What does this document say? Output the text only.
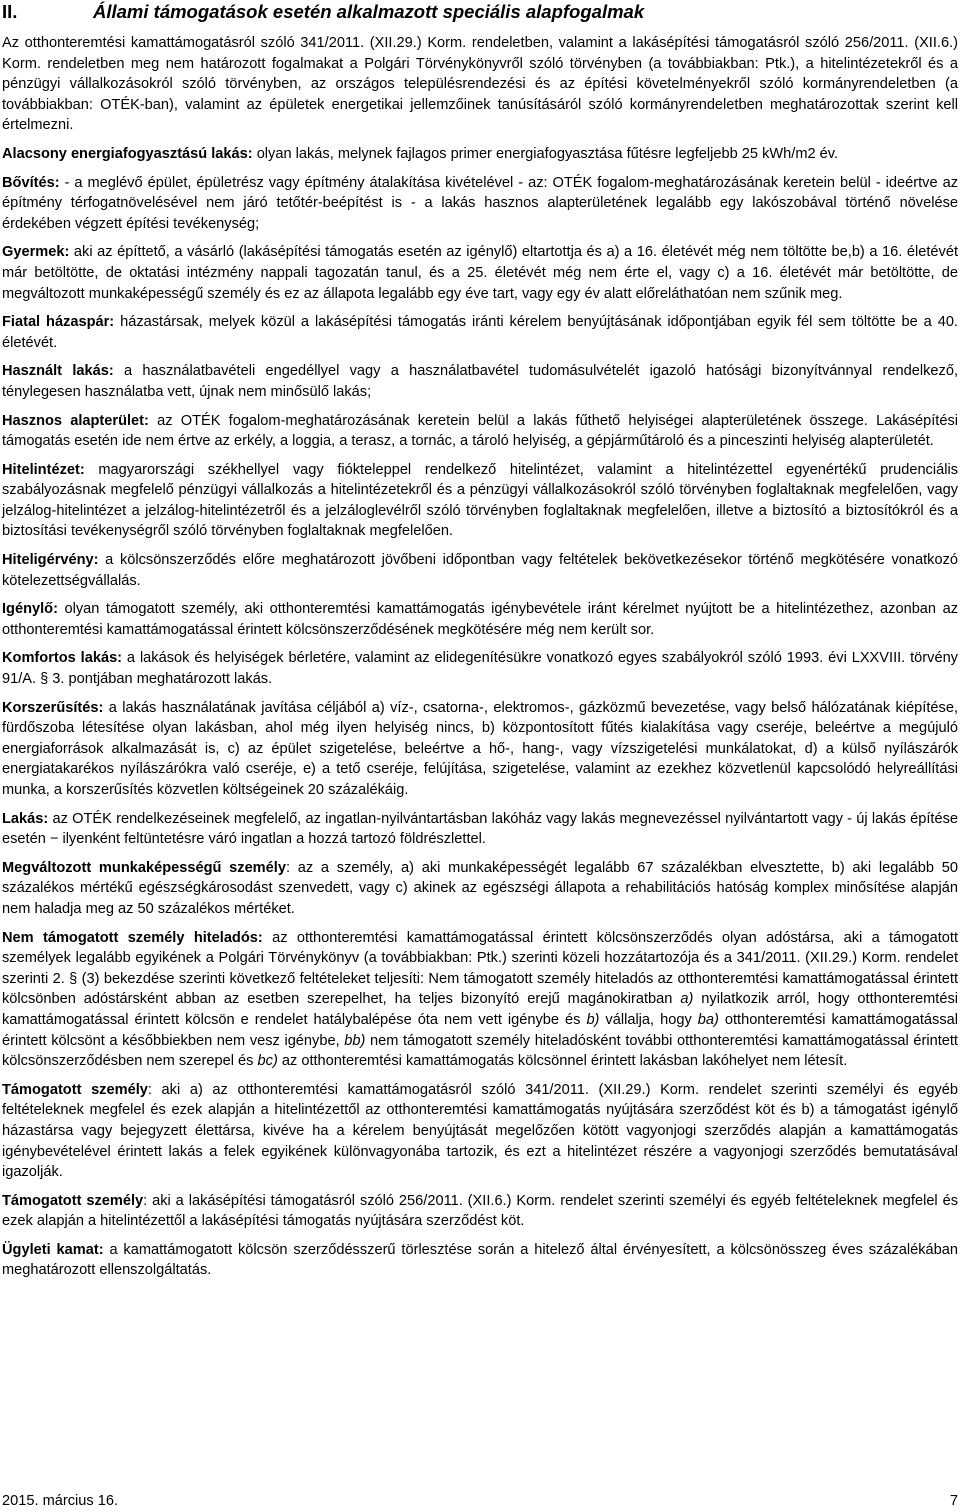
II.	Állami támogatások esetén alkalmazott speciális alapfogalmak

Az otthonteremtési kamattámogatásról szóló 341/2011. (XII.29.) Korm. rendeletben, valamint a lakásépítési támogatásról szóló 256/2011. (XII.6.) Korm. rendeletben meg nem határozott fogalmakat a Polgári Törvénykönyvről szóló törvényben (a továbbiakban: Ptk.), a hitelintézetekről és a pénzügyi vállalkozásokról szóló törvényben, az országos településrendezési és az építési követelményekről szóló kormányrendeletben (a továbbiakban: OTÉK-ban), valamint az épületek energetikai jellemzőinek tanúsításáról szóló kormányrendeletben meghatározottak szerint kell értelmezni.

Alacsony energiafogyasztású lakás: olyan lakás, melynek fajlagos primer energiafogyasztása fűtésre legfeljebb 25 kWh/m2 év.

Bővítés: - a meglévő épület, épületrész vagy építmény átalakítása kivételével - az: OTÉK fogalom-meghatározásának keretein belül - ideértve az építmény térfogatnövelésével nem járó tetőtér-beépítést is - a lakás hasznos alapterületének legalább egy lakószobával történő növelése érdekében végzett építési tevékenység;

Gyermek: aki az építtető, a vásárló (lakásépítési támogatás esetén az igénylő) eltartottja és a) a 16. életévét még nem töltötte be,b) a 16. életévét már betöltötte, de oktatási intézmény nappali tagozatán tanul, és a 25. életévét még nem érte el, vagy c) a 16. életévét már betöltötte, de megváltozott munkaképességű személy és ez az állapota legalább egy éve tart, vagy egy év alatt előreláthatóan nem szűnik meg.

Fiatal házaspár: házastársak, melyek közül a lakásépítési támogatás iránti kérelem benyújtásának időpontjában egyik fél sem töltötte be a 40. életévét.

Használt lakás: a használatbavételi engedéllyel vagy a használatbavétel tudomásulvételét igazoló hatósági bizonyítvánnyal rendelkező, ténylegesen használatba vett, újnak nem minősülő lakás;

Hasznos alapterület: az OTÉK fogalom-meghatározásának keretein belül a lakás fűthető helyiségei alapterületének összege. Lakásépítési támogatás esetén ide nem értve az erkély, a loggia, a terasz, a tornác, a tároló helyiség, a gépjárműtároló és a pinceszinti helyiség alapterületét.

Hitelintézet: magyarországi székhellyel vagy fiókteleppel rendelkező hitelintézet, valamint a hitelintézettel egyenértékű prudenciális szabályozásnak megfelelő pénzügyi vállalkozás a hitelintézetekről és a pénzügyi vállalkozásokról szóló törvényben foglaltaknak megfelelően, vagy jelzálog-hitelintézet a jelzálog-hitelintézetről és a jelzáloglevélről szóló törvényben foglaltaknak megfelelően, illetve a biztosító a biztosítókról és a biztosítási tevékenységről szóló törvényben foglaltaknak megfelelően.

Hiteligérvény: a kölcsönszerződés előre meghatározott jövőbeni időpontban vagy feltételek bekövetkezésekor történő megkötésére vonatkozó kötelezettségvállalás.

Igénylő: olyan támogatott személy, aki otthonteremtési kamattámogatás igénybevétele iránt kérelmet nyújtott be a hitelintézethez, azonban az otthonteremtési kamattámogatással érintett kölcsönszerződésének megkötésére még nem került sor.

Komfortos lakás: a lakások és helyiségek bérletére, valamint az elidegenítésükre vonatkozó egyes szabályokról szóló 1993. évi LXXVIII. törvény 91/A. § 3. pontjában meghatározott lakás.

Korszerűsítés: a lakás használatának javítása céljából a) víz-, csatorna-, elektromos-, gázközmű bevezetése, vagy belső hálózatának kiépítése, fürdőszoba létesítése olyan lakásban, ahol még ilyen helyiség nincs, b) központosított fűtés kialakítása vagy cseréje, beleértve a megújuló energiaforrások alkalmazását is, c) az épület szigetelése, beleértve a hő-, hang-, vagy vízszigetelési munkálatokat, d) a külső nyílászárók energiatakarékos nyílászárókra való cseréje, e) a tető cseréje, felújítása, szigetelése, valamint az ezekhez közvetlenül kapcsolódó helyreállítási munka, a korszerűsítés közvetlen költségeinek 20 százalékáig.

Lakás: az OTÉK rendelkezéseinek megfelelő, az ingatlan-nyilvántartásban lakóház vagy lakás megnevezéssel nyilvántartott vagy - új lakás építése esetén − ilyenként feltüntetésre váró ingatlan a hozzá tartozó földrészlettel.

Megváltozott munkaképességű személy: az a személy, a) aki munkaképességét legalább 67 százalékban elvesztette, b) aki legalább 50 százalékos mértékű egészségkárosodást szenvedett, vagy c) akinek az egészségi állapota a rehabilitációs hatóság komplex minősítése alapján nem haladja meg az 50 százalékos mértéket.

Nem támogatott személy hiteladós: az otthonteremtési kamattámogatással érintett kölcsönszerződés olyan adóstársa, aki a támogatott személyek legalább egyikének a Polgári Törvénykönyv (a továbbiakban: Ptk.) szerinti közeli hozzátartozója és a 341/2011. (XII.29.) Korm. rendelet szerinti 2. § (3) bekezdése szerinti következő feltételeket teljesíti: Nem támogatott személy hiteladós az otthonteremtési kamattámogatással érintett kölcsönben adóstársként abban az esetben szerepelhet, ha teljes bizonyító erejű magánokiratban a) nyilatkozik arról, hogy otthonteremtési kamattámogatással érintett kölcsön e rendelet hatálybalépése óta nem vett igénybe és b) vállalja, hogy ba) otthonteremtési kamattámogatással érintett kölcsönt a későbbiekben nem vesz igénybe, bb) nem támogatott személy hiteladósként további otthonteremtési kamattámogatással érintett kölcsönszerződésben nem szerepel és bc) az otthonteremtési kamattámogatás kölcsönnel érintett lakásban lakóhelyet nem létesít.

Támogatott személy: aki a) az otthonteremtési kamattámogatásról szóló 341/2011. (XII.29.) Korm. rendelet szerinti személyi és egyéb feltételeknek megfelel és ezek alapján a hitelintézettől az otthonteremtési kamattámogatás nyújtására szerződést köt és b) a támogatást igénylő házastársa vagy bejegyzett élettársa, kivéve ha a kérelem benyújtását megelőzően kötött vagyonjogi szerződés alapján a kamattámogatás igénybevételével érintett lakás a felek egyikének különvagyonába tartozik, és ezt a hitelintézet részére a vagyonjogi szerződés bemutatásával igazolják.

Támogatott személy: aki a lakásépítési támogatásról szóló 256/2011. (XII.6.) Korm. rendelet szerinti személyi és egyéb feltételeknek megfelel és ezek alapján a hitelintézettől a lakásépítési támogatás nyújtására szerződést köt.

Ügyleti kamat: a kamattámogatott kölcsön szerződésszerű törlesztése során a hitelező által érvényesített, a kölcsönösszeg éves százalékában meghatározott ellenszolgáltatás.

2015. március 16.	7
